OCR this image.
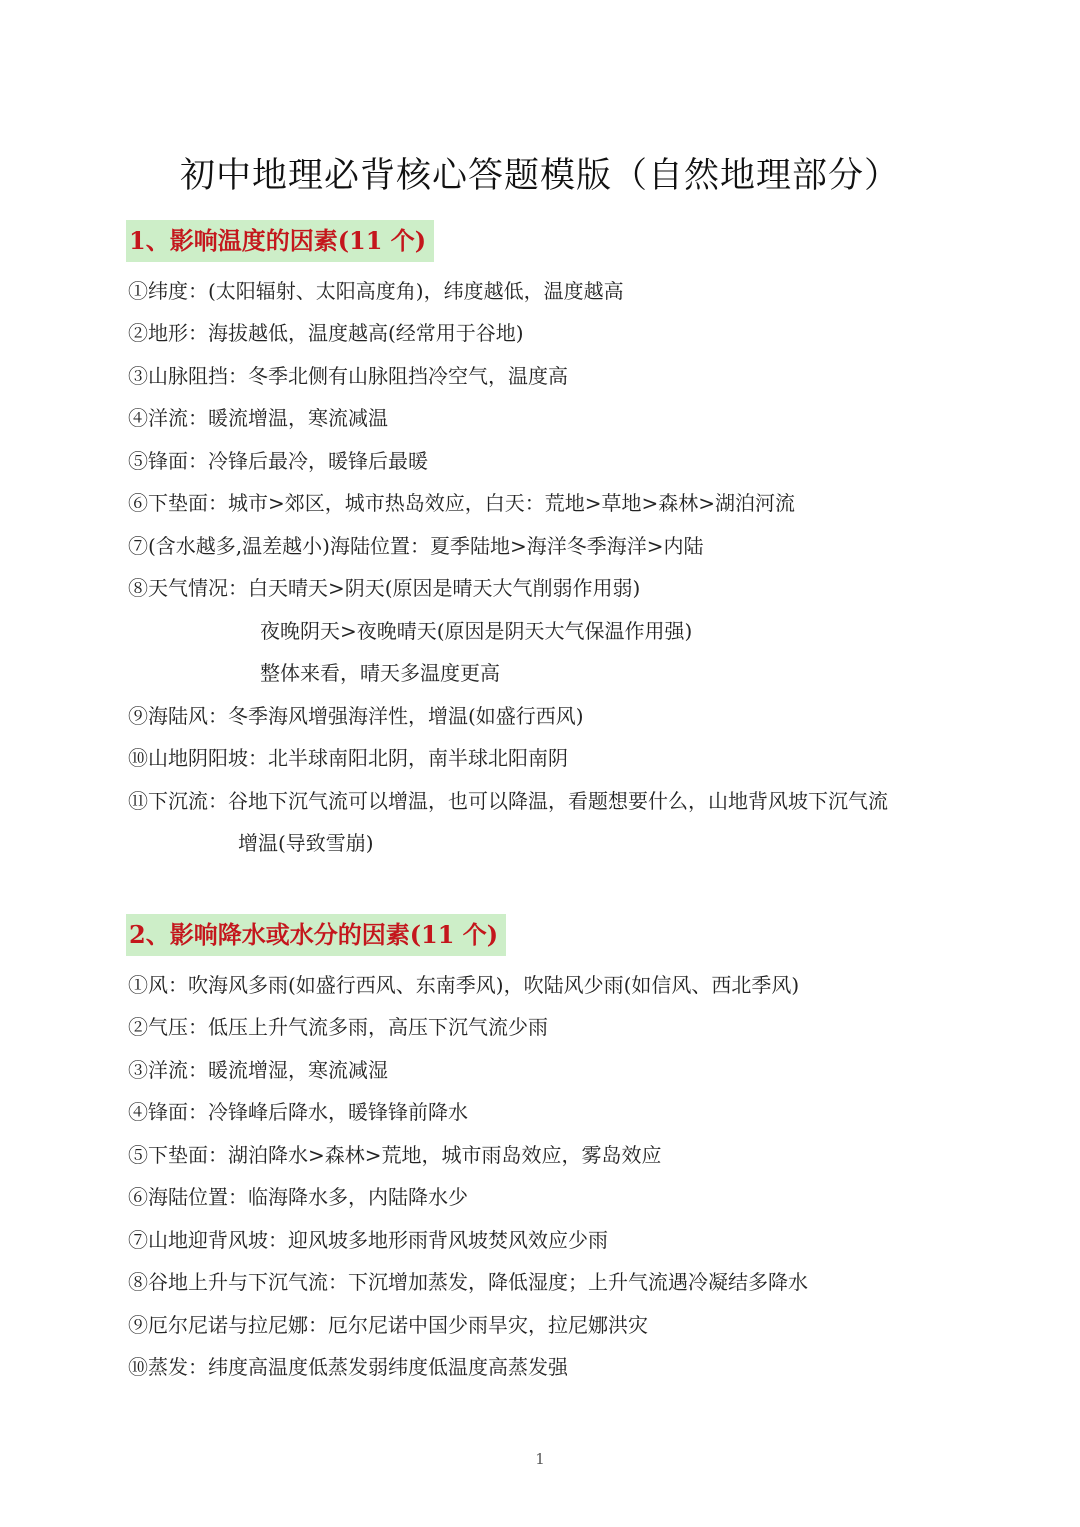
初中地理必背核心答题模版（自然地理部分）
1、影响温度的因素(11 个)
①纬度：(太阳辐射、太阳高度角)，纬度越低，温度越高
②地形：海拔越低，温度越高(经常用于谷地)
③山脉阻挡：冬季北侧有山脉阻挡冷空气，温度高
④洋流：暖流增温，寒流减温
⑤锋面：冷锋后最冷，暖锋后最暖
⑥下垫面：城市>郊区，城市热岛效应，白天：荒地>草地>森林>湖泊河流
⑦(含水越多,温差越小)海陆位置：夏季陆地>海洋冬季海洋>内陆
⑧天气情况：白天晴天>阴天(原因是晴天大气削弱作用弱)
夜晚阴天>夜晚晴天(原因是阴天大气保温作用强)
整体来看，晴天多温度更高
⑨海陆风：冬季海风增强海洋性，增温(如盛行西风)
⑩山地阴阳坡：北半球南阳北阴，南半球北阳南阴
⑪下沉流：谷地下沉气流可以增温，也可以降温，看题想要什么，山地背风坡下沉气流
增温(导致雪崩)
2、影响降水或水分的因素(11 个)
①风：吹海风多雨(如盛行西风、东南季风)，吹陆风少雨(如信风、西北季风)
②气压：低压上升气流多雨，高压下沉气流少雨
③洋流：暖流增湿，寒流减湿
④锋面：冷锋峰后降水，暖锋锋前降水
⑤下垫面：湖泊降水>森林>荒地，城市雨岛效应，雾岛效应
⑥海陆位置：临海降水多，内陆降水少
⑦山地迎背风坡：迎风坡多地形雨背风坡焚风效应少雨
⑧谷地上升与下沉气流：下沉增加蒸发，降低湿度；上升气流遇冷凝结多降水
⑨厄尔尼诺与拉尼娜：厄尔尼诺中国少雨旱灾，拉尼娜洪灾
⑩蒸发：纬度高温度低蒸发弱纬度低温度高蒸发强
1
